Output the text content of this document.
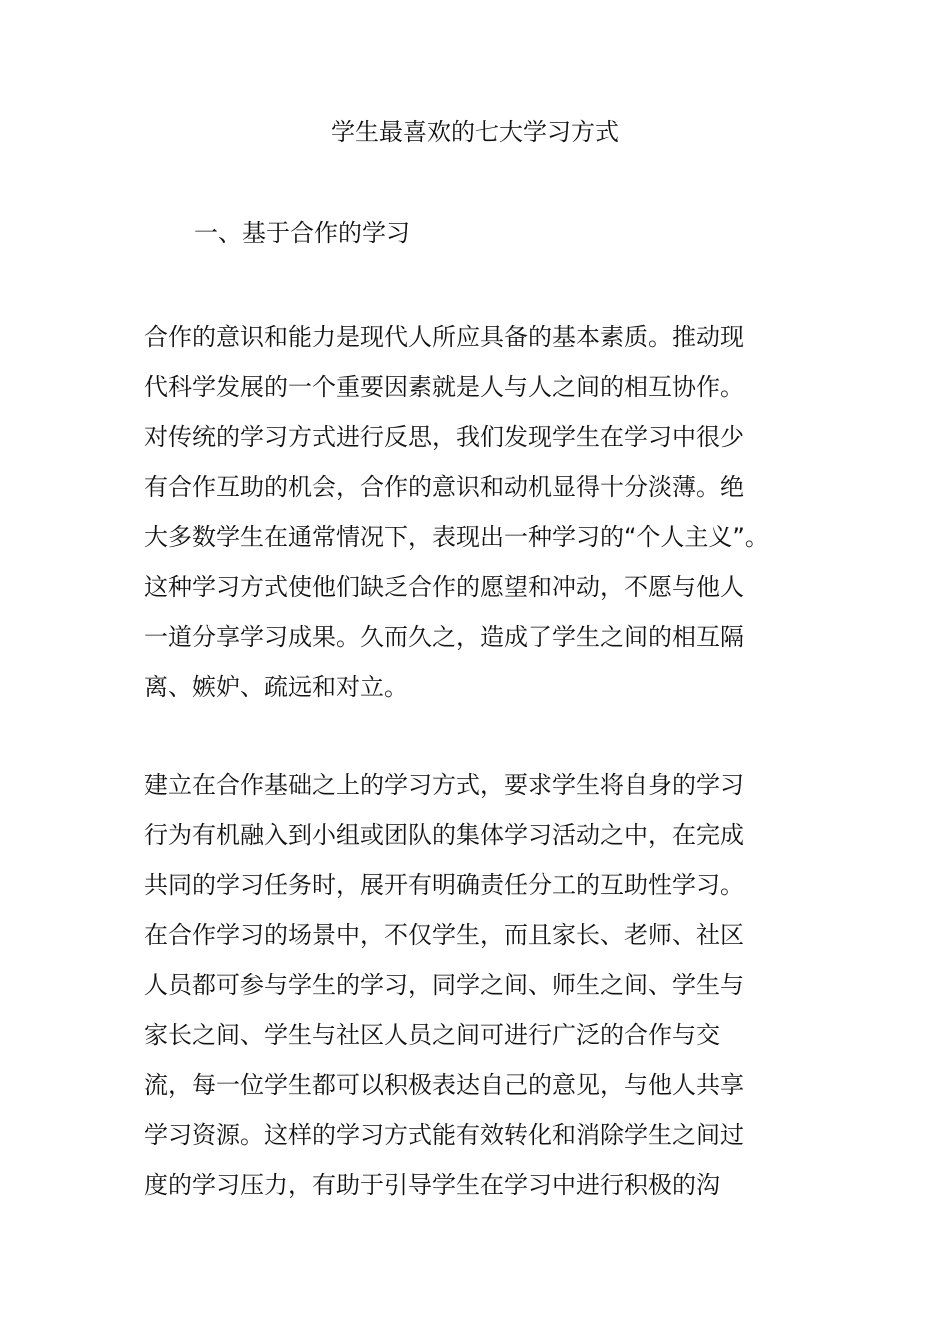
学生最喜欢的七大学习方式
一、基于合作的学习
合作的意识和能力是现代人所应具备的基本素质。推动现
代科学发展的一个重要因素就是人与人之间的相互协作。
对传统的学习方式进行反思，我们发现学生在学习中很少
有合作互助的机会，合作的意识和动机显得十分淡薄。绝
大多数学生在通常情况下，表现出一种学习的“个人主义”。
这种学习方式使他们缺乏合作的愿望和冲动，不愿与他人
一道分享学习成果。久而久之，造成了学生之间的相互隔
离、嫉妒、疏远和对立。
建立在合作基础之上的学习方式，要求学生将自身的学习
行为有机融入到小组或团队的集体学习活动之中，在完成
共同的学习任务时，展开有明确责任分工的互助性学习。
在合作学习的场景中，不仅学生，而且家长、老师、社区
人员都可参与学生的学习，同学之间、师生之间、学生与
家长之间、学生与社区人员之间可进行广泛的合作与交
流，每一位学生都可以积极表达自己的意见，与他人共享
学习资源。这样的学习方式能有效转化和消除学生之间过
度的学习压力，有助于引导学生在学习中进行积极的沟
